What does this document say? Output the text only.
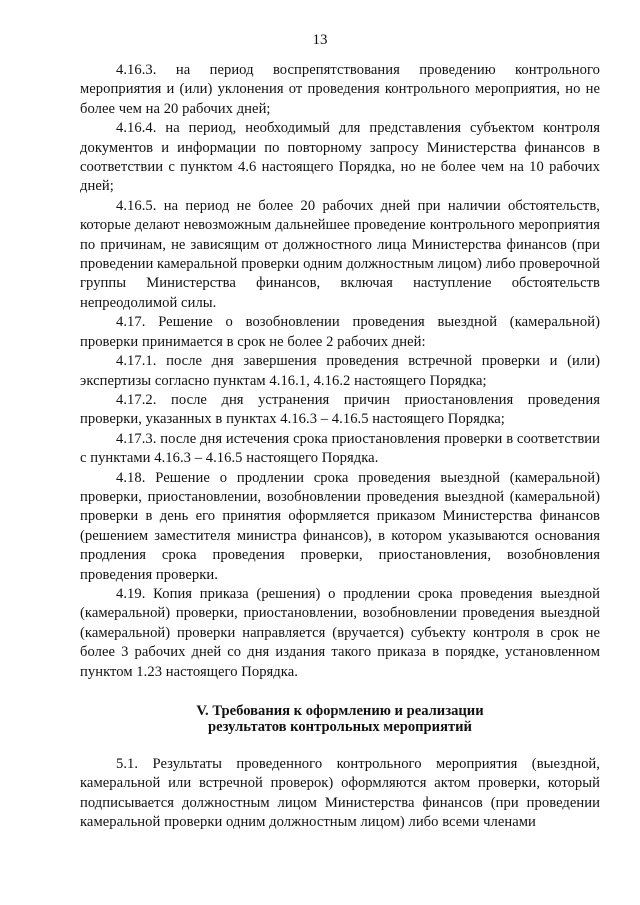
13

4.16.3. на период воспрепятствования проведению контрольного мероприятия и (или) уклонения от проведения контрольного мероприятия, но не более чем на 20 рабочих дней;

4.16.4. на период, необходимый для представления субъектом контроля документов и информации по повторному запросу Министерства финансов в соответствии с пунктом 4.6 настоящего Порядка, но не более чем на 10 рабочих дней;

4.16.5. на период не более 20 рабочих дней при наличии обстоятельств, которые делают невозможным дальнейшее проведение контрольного мероприятия по причинам, не зависящим от должностного лица Министерства финансов (при проведении камеральной проверки одним должностным лицом) либо проверочной группы Министерства финансов, включая наступление обстоятельств непреодолимой силы.

4.17. Решение о возобновлении проведения выездной (камеральной) проверки принимается в срок не более 2 рабочих дней:

4.17.1. после дня завершения проведения встречной проверки и (или) экспертизы согласно пунктам 4.16.1, 4.16.2 настоящего Порядка;

4.17.2. после дня устранения причин приостановления проведения проверки, указанных в пунктах 4.16.3 – 4.16.5 настоящего Порядка;

4.17.3. после дня истечения срока приостановления проверки в соответствии с пунктами 4.16.3 – 4.16.5 настоящего Порядка.

4.18. Решение о продлении срока проведения выездной (камеральной) проверки, приостановлении, возобновлении проведения выездной (камеральной) проверки в день его принятия оформляется приказом Министерства финансов (решением заместителя министра финансов), в котором указываются основания продления срока проведения проверки, приостановления, возобновления проведения проверки.

4.19. Копия приказа (решения) о продлении срока проведения выездной (камеральной) проверки, приостановлении, возобновлении проведения выездной (камеральной) проверки направляется (вручается) субъекту контроля в срок не более 3 рабочих дней со дня издания такого приказа в порядке, установленном пунктом 1.23 настоящего Порядка.

V. Требования к оформлению и реализации
результатов контрольных мероприятий

5.1. Результаты проведенного контрольного мероприятия (выездной, камеральной или встречной проверок) оформляются актом проверки, который подписывается должностным лицом Министерства финансов (при проведении камеральной проверки одним должностным лицом) либо всеми членами
